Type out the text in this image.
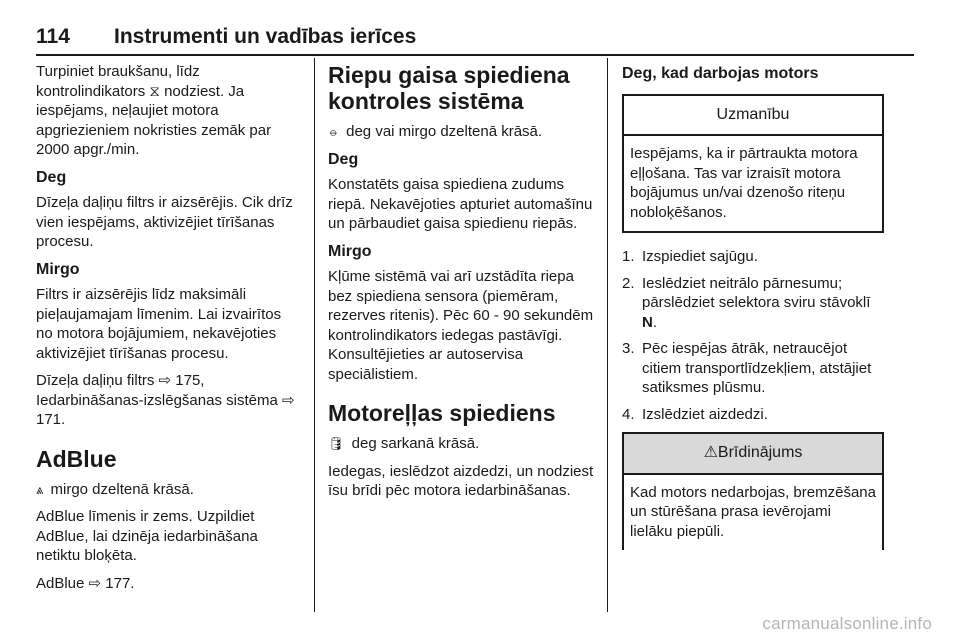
114 Instrumenti un vadības ierīces

Turpiniet braukšanu, līdz kontrolindikators ⧖ nodziest. Ja iespējams, neļaujiet motora apgriezieniem nokristies zemāk par 2000 apgr./min.

Deg

Dīzeļa daļiņu filtrs ir aizsērējis. Cik drīz vien iespējams, aktivizējiet tīrīšanas procesu.

Mirgo

Filtrs ir aizsērējis līdz maksimāli pieļaujamajam līmenim. Lai izvairītos no motora bojājumiem, nekavējoties aktivizējiet tīrīšanas procesu.

Dīzeļa daļiņu filtrs ⇨ 175, Iedarbināšanas-izslēgšanas sistēma ⇨ 171.

AdBlue

⩓ mirgo dzeltenā krāsā.

AdBlue līmenis ir zems. Uzpildiet AdBlue, lai dzinēja iedarbināšana netiktu bloķēta.

AdBlue ⇨ 177.

Riepu gaisa spiediena kontroles sistēma

⦵ deg vai mirgo dzeltenā krāsā.

Deg

Konstatēts gaisa spiediena zudums riepā. Nekavējoties apturiet automašīnu un pārbaudiet gaisa spiedienu riepās.

Mirgo

Kļūme sistēmā vai arī uzstādīta riepa bez spiediena sensora (piemēram, rezerves ritenis). Pēc 60 - 90 sekundēm kontrolindikators iedegas pastāvīgi. Konsultējieties ar autoservisa speciālistiem.

Motoreļļas spiediens

🛢 deg sarkanā krāsā.

Iedegas, ieslēdzot aizdedzi, un nodziest īsu brīdi pēc motora iedarbināšanas.

Deg, kad darbojas motors
Uzmanību
Iespējams, ka ir pārtraukta motora eļļošana. Tas var izraisīt motora bojājumus un/vai dzenošo riteņu nobloķēšanos.
1. Izspiediet sajūgu.
2. Ieslēdziet neitrālo pārnesumu; pārslēdziet selektora sviru stāvoklī N.
3. Pēc iespējas ātrāk, netraucējot citiem transportlīdzekļiem, atstājiet satiksmes plūsmu.
4. Izslēdziet aizdedzi.
⚠Brīdinājums
Kad motors nedarbojas, bremzēšana un stūrēšana prasa ievērojami lielāku piepūli.
carmanualsonline.info
